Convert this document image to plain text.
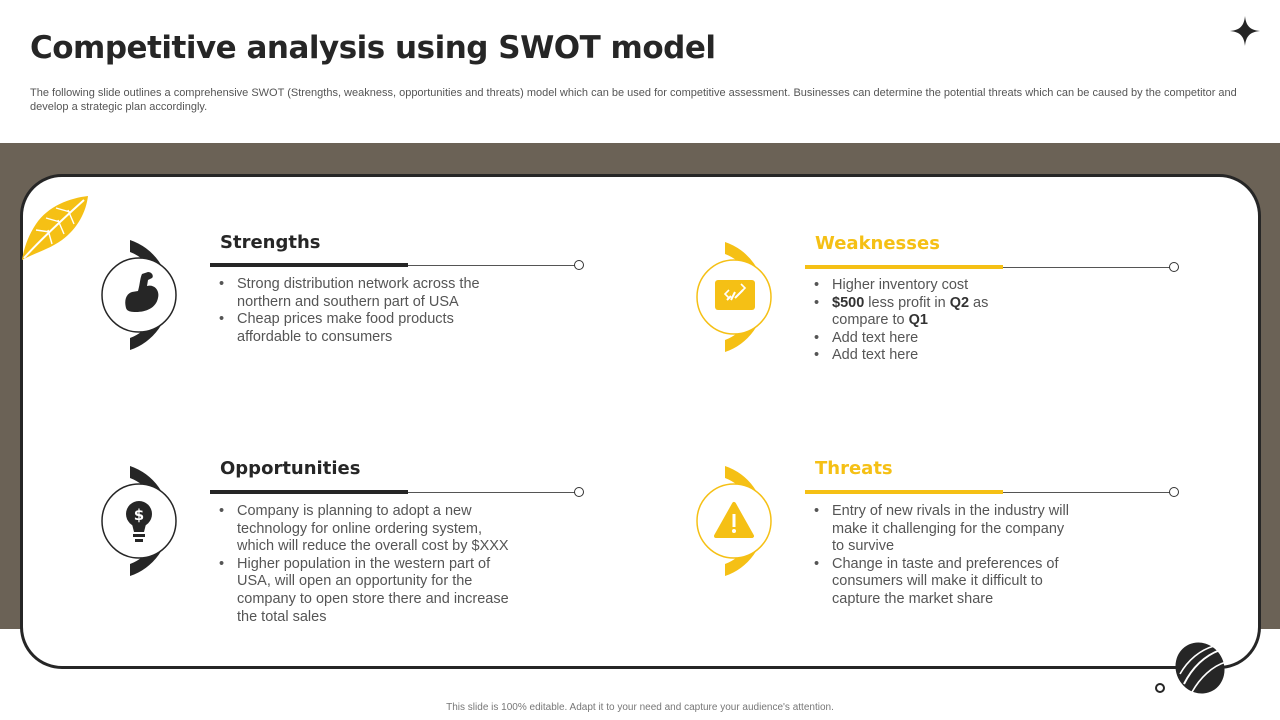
Competitive analysis using SWOT model
The following slide outlines a comprehensive SWOT (Strengths, weakness, opportunities and threats) model which can be used for competitive assessment. Businesses can determine the potential threats which can be caused by the competitor and develop a strategic plan accordingly.
Strengths
• Strong distribution network across the northern and southern part of USA
• Cheap prices make food products affordable to consumers
Weaknesses
• Higher inventory cost
• $500 less profit in Q2 as compare to Q1
• Add text here
• Add text here
$
Opportunities
• Company is planning to adopt a new technology for online ordering system, which will reduce the overall cost by $XXX
• Higher population in the western part of USA, will open an opportunity for the company to open store there and increase the total sales
Threats
• Entry of new rivals in the industry will make it challenging for the company to survive
• Change in taste and preferences of consumers will make it difficult to capture the market share
This slide is 100% editable. Adapt it to your need and capture your audience's attention.
